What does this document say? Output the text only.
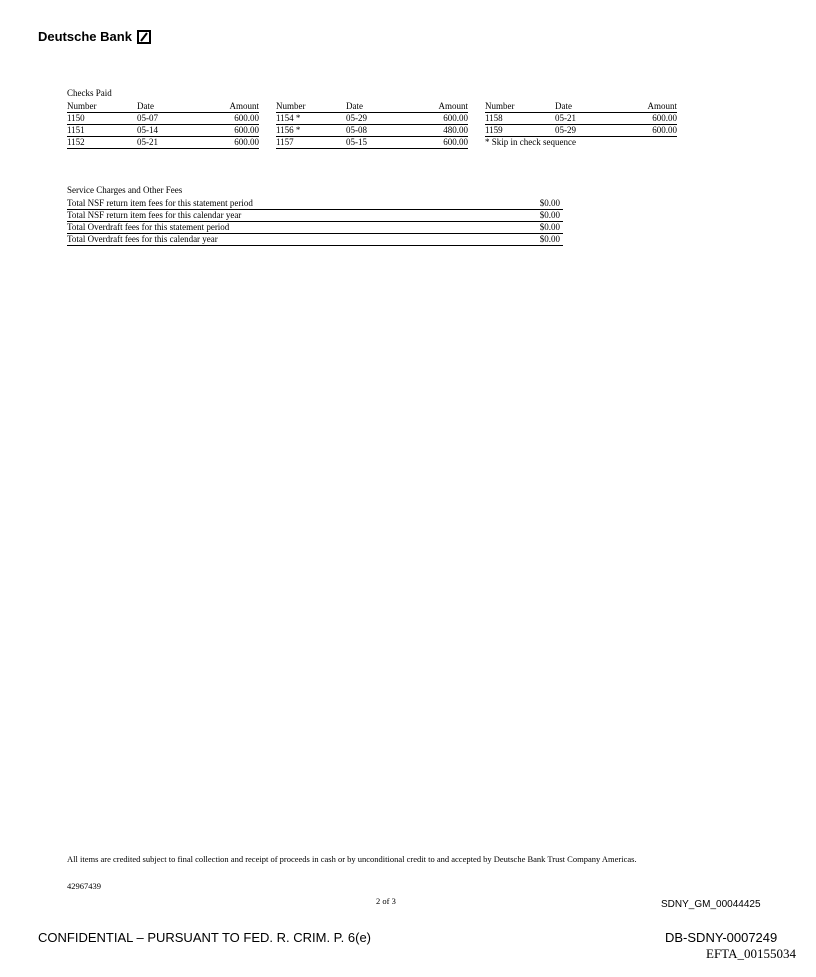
Deutsche Bank
Checks Paid
Number	Date	Amount
1150	05-07	600.00
1151	05-14	600.00
1152	05-21	600.00
Number	Date	Amount
1154 *	05-29	600.00
1156 *	05-08	480.00
1157	05-15	600.00
Number	Date	Amount
1158	05-21	600.00
1159	05-29	600.00
* Skip in check sequence		
Service Charges and Other Fees
Total NSF return item fees for this statement period	$0.00
Total NSF return item fees for this calendar year	$0.00
Total Overdraft fees for this statement period	$0.00
Total Overdraft fees for this calendar year	$0.00
All items are credited subject to final collection and receipt of proceeds in cash or by unconditional credit to and accepted by Deutsche Bank Trust Company Americas.
42967439
2 of 3	SDNY_GM_00044425
CONFIDENTIAL – PURSUANT TO FED. R. CRIM. P. 6(e)	DB-SDNY-0007249
EFTA_00155034
